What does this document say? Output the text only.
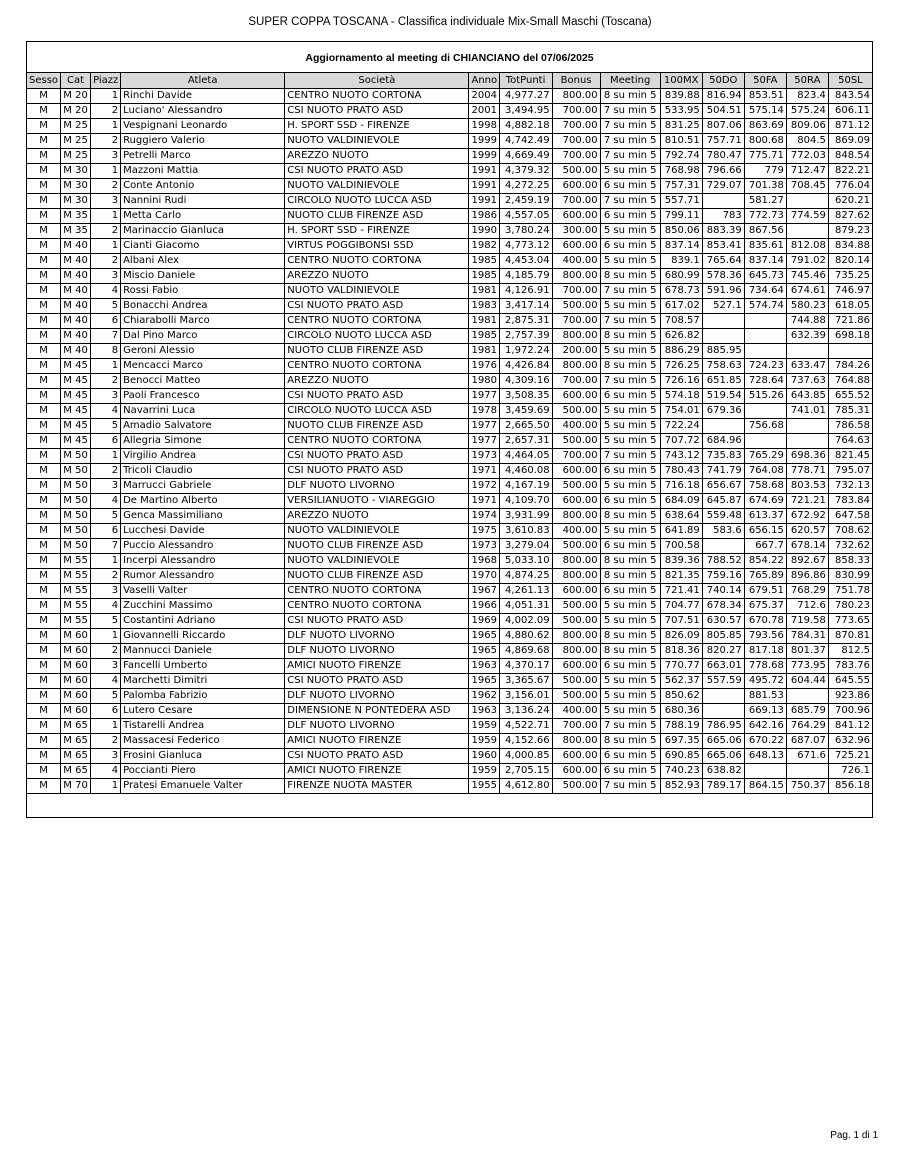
SUPER COPPA TOSCANA - Classifica individuale Mix-Small Maschi (Toscana)
Aggiornamento al meeting di CHIANCIANO del 07/06/2025
Sesso	Cat	Piazz	Atleta	Società	Anno	TotPunti	Bonus	Meeting	100MX	50DO	50FA	50RA	50SL
M	M 20	1	Rinchi Davide	CENTRO NUOTO CORTONA	2004	4,977.27	800.00	8 su min 5	839.88	816.94	853.51	823.4	843.54
M	M 20	2	Luciano' Alessandro	CSI NUOTO PRATO ASD	2001	3,494.95	700.00	7 su min 5	533.95	504.51	575.14	575.24	606.11
M	M 25	1	Vespignani Leonardo	H. SPORT SSD - FIRENZE	1998	4,882.18	700.00	7 su min 5	831.25	807.06	863.69	809.06	871.12
M	M 25	2	Ruggiero Valerio	NUOTO VALDINIEVOLE	1999	4,742.49	700.00	7 su min 5	810.51	757.71	800.68	804.5	869.09
M	M 25	3	Petrelli Marco	AREZZO NUOTO	1999	4,669.49	700.00	7 su min 5	792.74	780.47	775.71	772.03	848.54
M	M 30	1	Mazzoni Mattia	CSI NUOTO PRATO ASD	1991	4,379.32	500.00	5 su min 5	768.98	796.66	779	712.47	822.21
M	M 30	2	Conte Antonio	NUOTO VALDINIEVOLE	1991	4,272.25	600.00	6 su min 5	757.31	729.07	701.38	708.45	776.04
M	M 30	3	Nannini Rudi	CIRCOLO NUOTO LUCCA ASD	1991	2,459.19	700.00	7 su min 5	557.71		581.27		620.21
M	M 35	1	Metta Carlo	NUOTO CLUB FIRENZE ASD	1986	4,557.05	600.00	6 su min 5	799.11	783	772.73	774.59	827.62
M	M 35	2	Marinaccio Gianluca	H. SPORT SSD - FIRENZE	1990	3,780.24	300.00	5 su min 5	850.06	883.39	867.56		879.23
M	M 40	1	Cianti Giacomo	VIRTUS POGGIBONSI SSD	1982	4,773.12	600.00	6 su min 5	837.14	853.41	835.61	812.08	834.88
M	M 40	2	Albani Alex	CENTRO NUOTO CORTONA	1985	4,453.04	400.00	5 su min 5	839.1	765.64	837.14	791.02	820.14
M	M 40	3	Miscio Daniele	AREZZO NUOTO	1985	4,185.79	800.00	8 su min 5	680.99	578.36	645.73	745.46	735.25
M	M 40	4	Rossi Fabio	NUOTO VALDINIEVOLE	1981	4,126.91	700.00	7 su min 5	678.73	591.96	734.64	674.61	746.97
M	M 40	5	Bonacchi Andrea	CSI NUOTO PRATO ASD	1983	3,417.14	500.00	5 su min 5	617.02	527.1	574.74	580.23	618.05
M	M 40	6	Chiarabolli Marco	CENTRO NUOTO CORTONA	1981	2,875.31	700.00	7 su min 5	708.57			744.88	721.86
M	M 40	7	Dal Pino Marco	CIRCOLO NUOTO LUCCA ASD	1985	2,757.39	800.00	8 su min 5	626.82			632.39	698.18
M	M 40	8	Geroni Alessio	NUOTO CLUB FIRENZE ASD	1981	1,972.24	200.00	5 su min 5	886.29	885.95			
M	M 45	1	Mencacci Marco	CENTRO NUOTO CORTONA	1976	4,426.84	800.00	8 su min 5	726.25	758.63	724.23	633.47	784.26
M	M 45	2	Benocci Matteo	AREZZO NUOTO	1980	4,309.16	700.00	7 su min 5	726.16	651.85	728.64	737.63	764.88
M	M 45	3	Paoli Francesco	CSI NUOTO PRATO ASD	1977	3,508.35	600.00	6 su min 5	574.18	519.54	515.26	643.85	655.52
M	M 45	4	Navarrini Luca	CIRCOLO NUOTO LUCCA ASD	1978	3,459.69	500.00	5 su min 5	754.01	679.36		741.01	785.31
M	M 45	5	Amadio Salvatore	NUOTO CLUB FIRENZE ASD	1977	2,665.50	400.00	5 su min 5	722.24		756.68		786.58
M	M 45	6	Allegria Simone	CENTRO NUOTO CORTONA	1977	2,657.31	500.00	5 su min 5	707.72	684.96			764.63
M	M 50	1	Virgilio Andrea	CSI NUOTO PRATO ASD	1973	4,464.05	700.00	7 su min 5	743.12	735.83	765.29	698.36	821.45
M	M 50	2	Tricoli Claudio	CSI NUOTO PRATO ASD	1971	4,460.08	600.00	6 su min 5	780.43	741.79	764.08	778.71	795.07
M	M 50	3	Marrucci Gabriele	DLF NUOTO LIVORNO	1972	4,167.19	500.00	5 su min 5	716.18	656.67	758.68	803.53	732.13
M	M 50	4	De Martino Alberto	VERSILIANUOTO - VIAREGGIO	1971	4,109.70	600.00	6 su min 5	684.09	645.87	674.69	721.21	783.84
M	M 50	5	Genca Massimiliano	AREZZO NUOTO	1974	3,931.99	800.00	8 su min 5	638.64	559.48	613.37	672.92	647.58
M	M 50	6	Lucchesi Davide	NUOTO VALDINIEVOLE	1975	3,610.83	400.00	5 su min 5	641.89	583.6	656.15	620.57	708.62
M	M 50	7	Puccio Alessandro	NUOTO CLUB FIRENZE ASD	1973	3,279.04	500.00	6 su min 5	700.58		667.7	678.14	732.62
M	M 55	1	Incerpi Alessandro	NUOTO VALDINIEVOLE	1968	5,033.10	800.00	8 su min 5	839.36	788.52	854.22	892.67	858.33
M	M 55	2	Rumor Alessandro	NUOTO CLUB FIRENZE ASD	1970	4,874.25	800.00	8 su min 5	821.35	759.16	765.89	896.86	830.99
M	M 55	3	Vaselli Valter	CENTRO NUOTO CORTONA	1967	4,261.13	600.00	6 su min 5	721.41	740.14	679.51	768.29	751.78
M	M 55	4	Zucchini Massimo	CENTRO NUOTO CORTONA	1966	4,051.31	500.00	5 su min 5	704.77	678.34	675.37	712.6	780.23
M	M 55	5	Costantini Adriano	CSI NUOTO PRATO ASD	1969	4,002.09	500.00	5 su min 5	707.51	630.57	670.78	719.58	773.65
M	M 60	1	Giovannelli Riccardo	DLF NUOTO LIVORNO	1965	4,880.62	800.00	8 su min 5	826.09	805.85	793.56	784.31	870.81
M	M 60	2	Mannucci Daniele	DLF NUOTO LIVORNO	1965	4,869.68	800.00	8 su min 5	818.36	820.27	817.18	801.37	812.5
M	M 60	3	Fancelli Umberto	AMICI NUOTO FIRENZE	1963	4,370.17	600.00	6 su min 5	770.77	663.01	778.68	773.95	783.76
M	M 60	4	Marchetti Dimitri	CSI NUOTO PRATO ASD	1965	3,365.67	500.00	5 su min 5	562.37	557.59	495.72	604.44	645.55
M	M 60	5	Palomba Fabrizio	DLF NUOTO LIVORNO	1962	3,156.01	500.00	5 su min 5	850.62		881.53		923.86
M	M 60	6	Lutero Cesare	DIMENSIONE N PONTEDERA ASD	1963	3,136.24	400.00	5 su min 5	680.36		669.13	685.79	700.96
M	M 65	1	Tistarelli Andrea	DLF NUOTO LIVORNO	1959	4,522.71	700.00	7 su min 5	788.19	786.95	642.16	764.29	841.12
M	M 65	2	Massacesi Federico	AMICI NUOTO FIRENZE	1959	4,152.66	800.00	8 su min 5	697.35	665.06	670.22	687.07	632.96
M	M 65	3	Frosini Gianluca	CSI NUOTO PRATO ASD	1960	4,000.85	600.00	6 su min 5	690.85	665.06	648.13	671.6	725.21
M	M 65	4	Poccianti Piero	AMICI NUOTO FIRENZE	1959	2,705.15	600.00	6 su min 5	740.23	638.82			726.1
M	M 70	1	Pratesi Emanuele Valter	FIRENZE NUOTA MASTER	1955	4,612.80	500.00	7 su min 5	852.93	789.17	864.15	750.37	856.18
Pag. 1 di 1
